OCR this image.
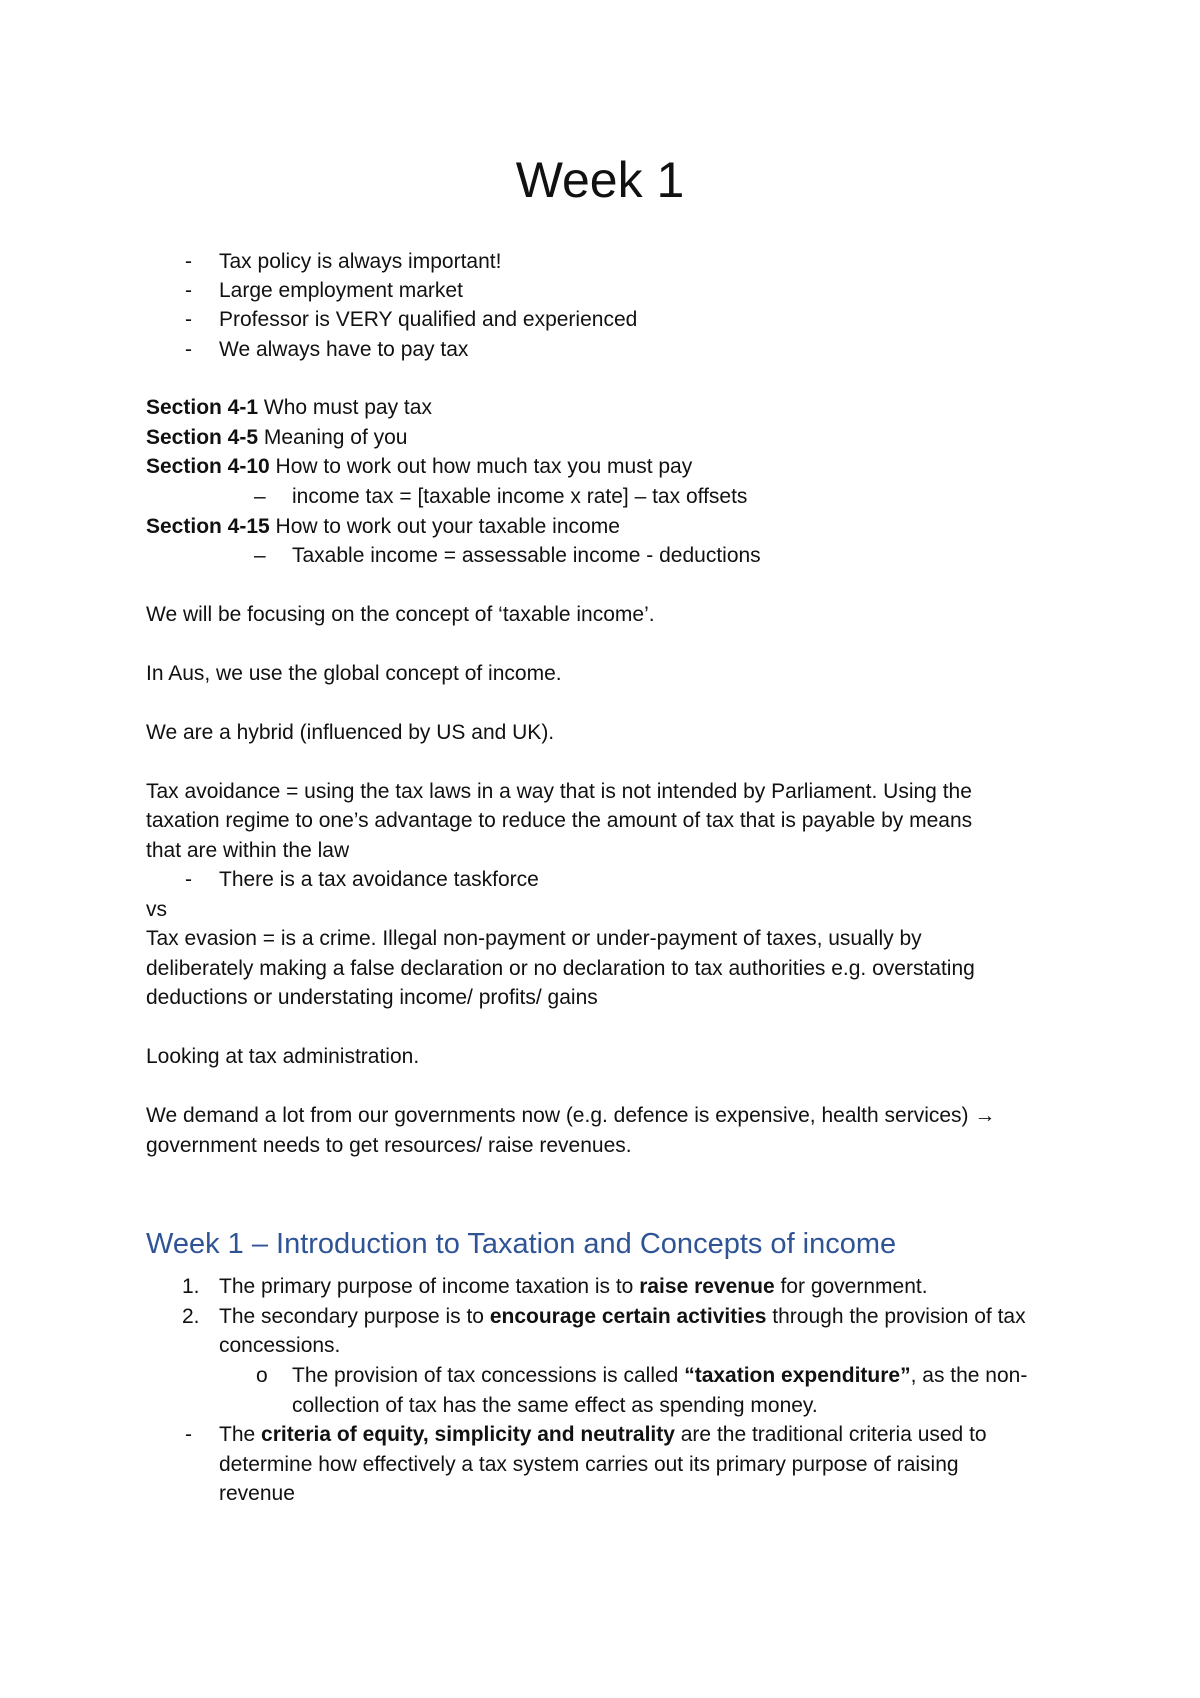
Week 1
- Tax policy is always important!
- Large employment market
- Professor is VERY qualified and experienced
- We always have to pay tax
Section 4-1 Who must pay tax
Section 4-5 Meaning of you
Section 4-10 How to work out how much tax you must pay
– income tax = [taxable income x rate] – tax offsets
Section 4-15 How to work out your taxable income
– Taxable income = assessable income - deductions
We will be focusing on the concept of ‘taxable income’.
In Aus, we use the global concept of income.
We are a hybrid (influenced by US and UK).
Tax avoidance = using the tax laws in a way that is not intended by Parliament. Using the
taxation regime to one’s advantage to reduce the amount of tax that is payable by means
that are within the law
- There is a tax avoidance taskforce
vs
Tax evasion = is a crime. Illegal non-payment or under-payment of taxes, usually by
deliberately making a false declaration or no declaration to tax authorities e.g. overstating
deductions or understating income/ profits/ gains
Looking at tax administration.
We demand a lot from our governments now (e.g. defence is expensive, health services) →
government needs to get resources/ raise revenues.
Week 1 – Introduction to Taxation and Concepts of income
1. The primary purpose of income taxation is to raise revenue for government.
2. The secondary purpose is to encourage certain activities through the provision of tax
concessions.
o The provision of tax concessions is called “taxation expenditure”, as the non-
collection of tax has the same effect as spending money.
- The criteria of equity, simplicity and neutrality are the traditional criteria used to
determine how effectively a tax system carries out its primary purpose of raising
revenue
